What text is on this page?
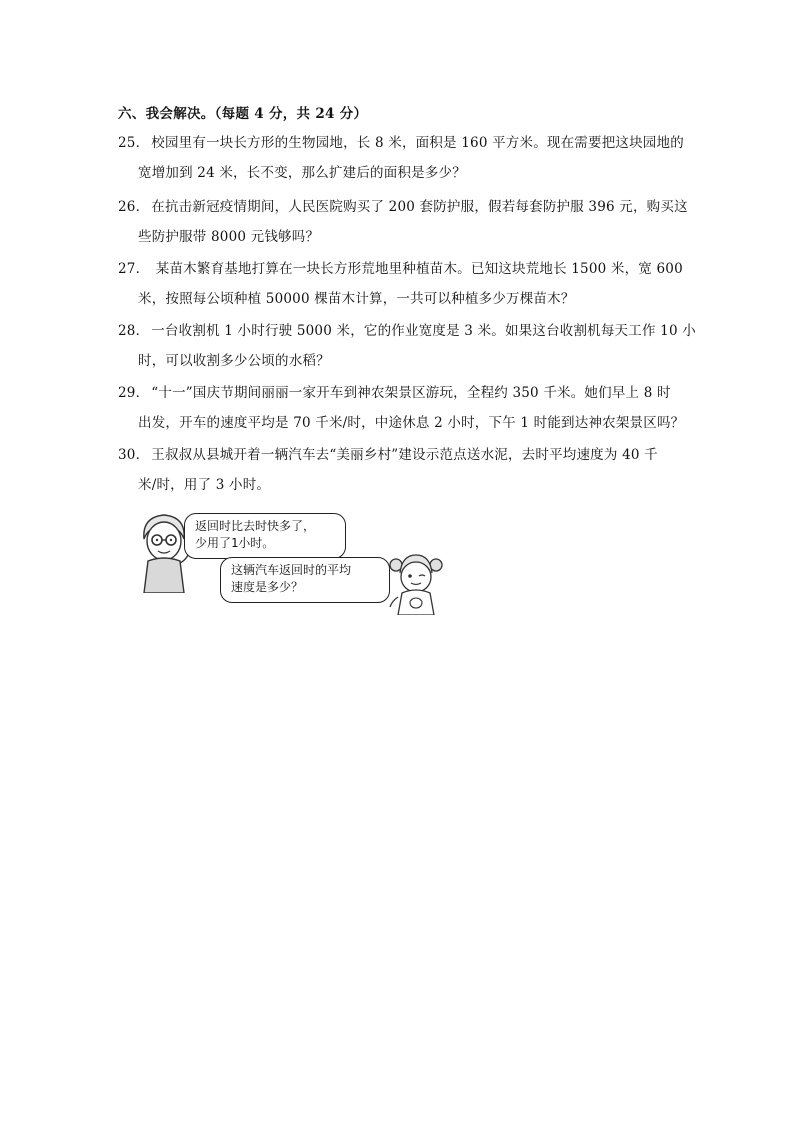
六、我会解决。（每题 4 分，共 24 分）
25． 校园里有一块长方形的生物园地，长 8 米，面积是 160 平方米。现在需要把这块园地的
宽增加到 24 米，长不变，那么扩建后的面积是多少？
26． 在抗击新冠疫情期间，人民医院购买了 200 套防护服，假若每套防护服 396 元，购买这
些防护服带 8000 元钱够吗？
27． 某苗木繁育基地打算在一块长方形荒地里种植苗木。已知这块荒地长 1500 米，宽 600
米，按照每公顷种植 50000 棵苗木计算，一共可以种植多少万棵苗木？
28． 一台收割机 1 小时行驶 5000 米，它的作业宽度是 3 米。如果这台收割机每天工作 10 小
时，可以收割多少公顷的水稻？
29． “十一”国庆节期间丽丽一家开车到神农架景区游玩，全程约 350 千米。她们早上 8 时
出发，开车的速度平均是 70 千米/时，中途休息 2 小时，下午 1 时能到达神农架景区吗？
30． 王叔叔从县城开着一辆汽车去“美丽乡村”建设示范点送水泥，去时平均速度为 40 千
米/时，用了 3 小时。
返回时比去时快多了，
少用了1小时。
这辆汽车返回时的平均
速度是多少？
